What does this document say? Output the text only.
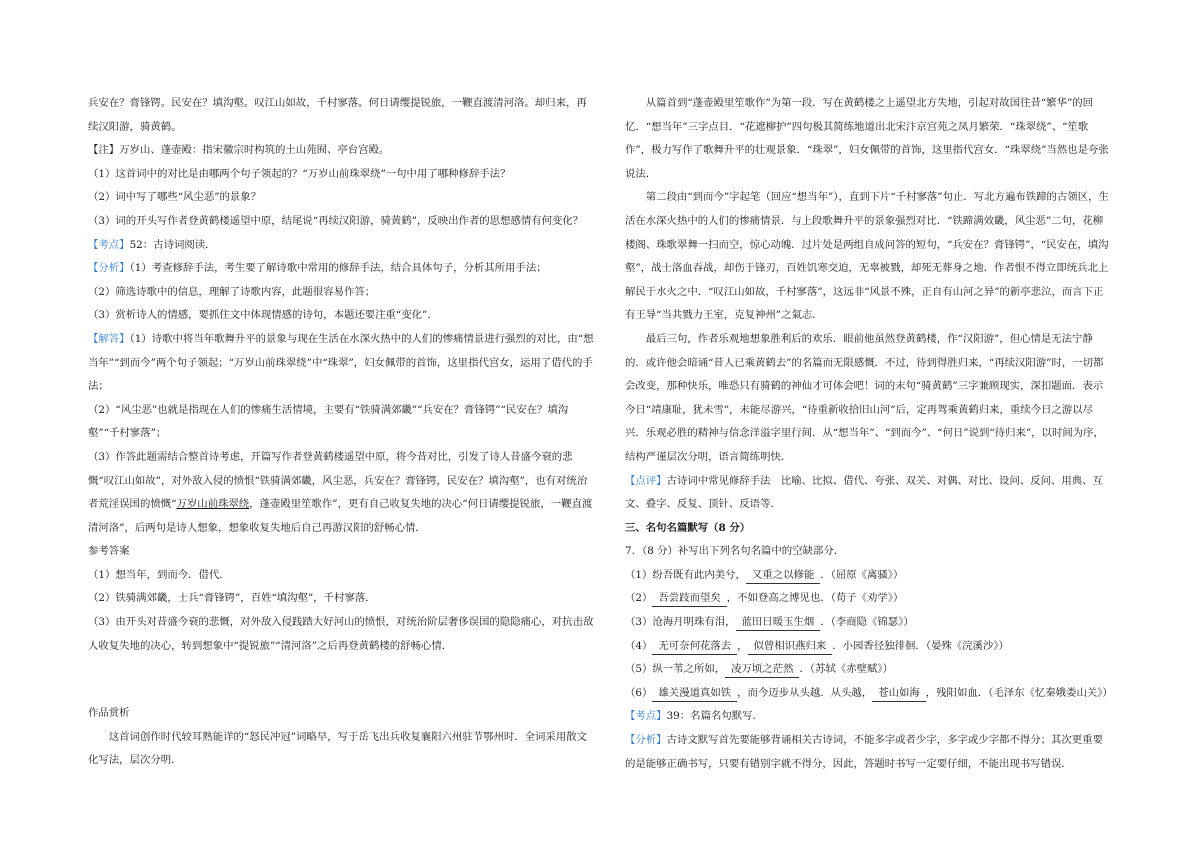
兵安在？膏锋锷。民安在？填沟壑。叹江山如故，千村寥落。何日请缨提锐旅，一鞭直渡清河洛。却归来，再续汉阳游，骑黄鹤。

【注】万岁山、蓬壶殿：指宋徽宗时构筑的土山苑囿、亭台宫殿。

（1）这首词中的对比是由哪两个句子领起的？“万岁山前珠翠绕”一句中用了哪种修辞手法？

（2）词中写了哪些“风尘恶”的景象？

（3）词的开头写作者登黄鹤楼遥望中原，结尾说“再续汉阳游，骑黄鹤”，反映出作者的思想感情有何变化？

【考点】52：古诗词阅读．

【分析】（1）考查修辞手法，考生要了解诗歌中常用的修辞手法，结合具体句子，分析其所用手法；

（2）筛选诗歌中的信息，理解了诗歌内容，此题很容易作答；

（3）赏析诗人的情感，要抓住文中体现情感的诗句，本题还要注重“变化”．

【解答】（1）诗歌中将当年歌舞升平的景象与现在生活在水深火热中的人们的惨痛情景进行强烈的对比，由“想当年”“到而今”两个句子领起；“万岁山前珠翠绕”中“珠翠”，妇女佩带的首饰，这里指代宫女，运用了借代的手法；

（2）“风尘恶”也就是指现在人们的惨痛生活情境，主要有“铁骑满郊畿”“兵安在？膏锋锷”“民安在？填沟壑”“千村寥落”；

（3）作答此题需结合整首诗考虑，开篇写作者登黄鹤楼遥望中原，将今昔对比，引发了诗人昔盛今衰的悲慨“叹江山如故”，对外敌入侵的愤恨“铁骑满郊畿，风尘恶，兵安在？膏锋锷，民安在？填沟壑”，也有对统治者荒淫误国的愤慨“万岁山前珠翠绕，蓬壶殿里笙歌作”，更有自己收复失地的决心“何日请缨提锐旅，一鞭直渡清河洛”，后两句是诗人想象，想象收复失地后自己再游汉阳的舒畅心情．

参考答案

（1）想当年，到而今．借代．

（2）铁骑满郊畿，士兵“膏锋锷”，百姓“填沟壑”，千村寥落．

（3）由开头对昔盛今衰的悲慨，对外敌入侵践踏大好河山的愤恨，对统治阶层奢侈误国的隐隐痛心，对抗击敌人收复失地的决心，转到想象中“提锐旅”“清河洛”之后再登黄鹤楼的舒畅心情．

作品赏析

这首词创作时代较耳熟能详的“怒民冲冠”词略早，写于岳飞出兵收复襄阳六州驻节鄂州时．全词采用散文化写法，层次分明．

从篇首到“蓬壶殿里笙歌作”为第一段．写在黄鹤楼之上遥望北方失地，引起对故国往昔“繁华”的回忆．“想当年”三字点目．“花遮柳护”四句极其简练地道出北宋汴京宫苑之凤月繁荣．“珠翠绕”、“笙歌作”，极力写作了歌舞升平的壮观景象．“珠翠”，妇女佩带的首饰，这里指代宫女．“珠翠绕”当然也是夸张说法．

第二段由“到而今”字起笔（回应“想当年”），直到下片“千村寥落”句止．写北方遍布铁蹄的古领区，生活在水深火热中的人们的惨痛情景．与上段歌舞升平的景象强烈对比．“铁蹄满效畿，风尘恶”二句，花柳楼阁、珠歌翠舞一扫而空，惊心动魄．过片处是两组自成问答的短句，“兵安在？膏锋锷”，“民安在，填沟壑”，战士洛血吞战，却伤于锋刃，百姓饥寒交迫，无辜被戮，却死无葬身之地．作者恨不得立即统兵北上解民于水火之中．“叹江山如故，千村寥落”，这远非“风景不殊，正自有山河之异”的新亭悲泣，而言下正有王导“当共戮力王室，克复神州”之氣志．

最后三句，作者乐观地想象胜利后的欢乐．眼前他虽然登黄鹤楼，作“汉阳游”，但心情是无法宁静的．或许他会暗诵“昔人已乘黄鹤去”的名篇而无限感慨．不过，待到得胜归来，“再续汉阳游”时，一切都会改变，那种快乐，唯恐只有骑鹤的神仙才可体会吧！词的末句“骑黄鹤”三字兼顾现实，深扣题面．表示今日“靖康耻，犹未雪”，未能尽游兴，“待重新收拾旧山河”后，定再驾乘黄鹤归来，重续今日之游以尽兴．乐观必胜的精神与信念洋溢字里行间．从“想当年”、“到而今”、“何日”说到“待归来”，以时间为序，结构严谨层次分明，语言简练明快．

【点评】古诗词中常见修辞手法　比喻、比拟、借代、夸张、双关、对偶、对比、设问、反问、用典、互文、叠字、反复、顶针、反语等．

三、名句名篇默写（8 分）

7．（8 分）补写出下列名句名篇中的空缺部分．

（1）纷吾既有此内美兮， 又重之以修能 ．（屈原《离骚》）

（2） 吾尝跂而望矣 ，不如登高之博见也．（荀子《劝学》）

（3）沧海月明珠有泪， 蓝田日暖玉生烟 ．（李商隐《锦瑟》）

（4） 无可奈何花落去 ， 似曾相识燕归来 ．小园香径独徘徊．（晏殊《浣溪沙》）

（5）纵一苇之所如， 凌万顷之茫然 ．（苏轼《赤壁赋》）

（6） 雄关漫道真如铁 ，而今迈步从头越．从头越， 苍山如海 ，残阳如血．（毛泽东《忆秦娥娄山关》）

【考点】39：名篇名句默写．

【分析】古诗文默写首先要能够背诵相关古诗词，不能多字或者少字，多字或少字都不得分；其次更重要的是能够正确书写，只要有错别字就不得分，因此，答题时书写一定要仔细，不能出现书写错误．
